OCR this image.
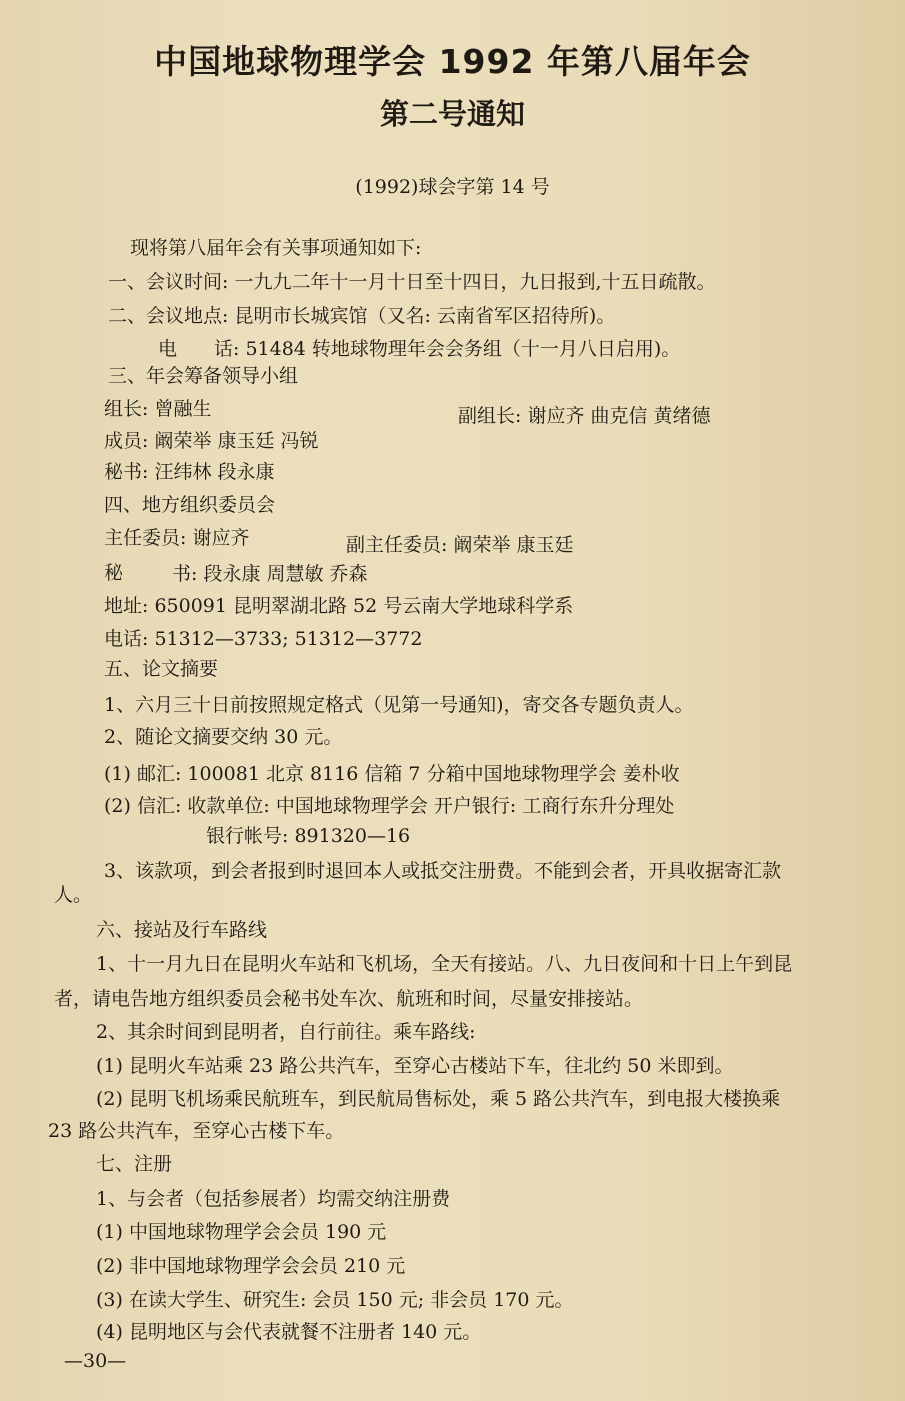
中国地球物理学会 1992 年第八届年会
第二号通知
(1992)球会字第 14 号
现将第八届年会有关事项通知如下:
一、会议时间: 一九九二年十一月十日至十四日，九日报到,十五日疏散。
二、会议地点: 昆明市长城宾馆（又名: 云南省军区招待所)。
电 话: 51484 转地球物理年会会务组（十一月八日启用)。
三、年会筹备领导小组
组长: 曾融生	副组长: 谢应齐 曲克信 黄绪德
成员: 阚荣举 康玉廷 冯锐
秘书: 汪纬林 段永康
四、地方组织委员会
主任委员: 谢应齐	副主任委员: 阚荣举 康玉廷
秘	书: 段永康 周慧敏 乔森
地址: 650091 昆明翠湖北路 52 号云南大学地球科学系
电话: 51312—3733; 51312—3772
五、论文摘要
1、六月三十日前按照规定格式（见第一号通知)，寄交各专题负责人。
2、随论文摘要交纳 30 元。
(1) 邮汇: 100081 北京 8116 信箱 7 分箱中国地球物理学会 姜朴收
(2) 信汇: 收款单位: 中国地球物理学会 开户银行: 工商行东升分理处
银行帐号: 891320—16
3、该款项，到会者报到时退回本人或抵交注册费。不能到会者，开具收据寄汇款
人。
六、接站及行车路线
1、十一月九日在昆明火车站和飞机场，全天有接站。八、九日夜间和十日上午到昆
者，请电告地方组织委员会秘书处车次、航班和时间，尽量安排接站。
2、其余时间到昆明者，自行前往。乘车路线:
(1) 昆明火车站乘 23 路公共汽车，至穿心古楼站下车，往北约 50 米即到。
(2) 昆明飞机场乘民航班车，到民航局售标处，乘 5 路公共汽车，到电报大楼换乘
23 路公共汽车，至穿心古楼下车。
七、注册
1、与会者（包括参展者）均需交纳注册费
(1) 中国地球物理学会会员 190 元
(2) 非中国地球物理学会会员 210 元
(3) 在读大学生、研究生: 会员 150 元; 非会员 170 元。
(4) 昆明地区与会代表就餐不注册者 140 元。
—30—
